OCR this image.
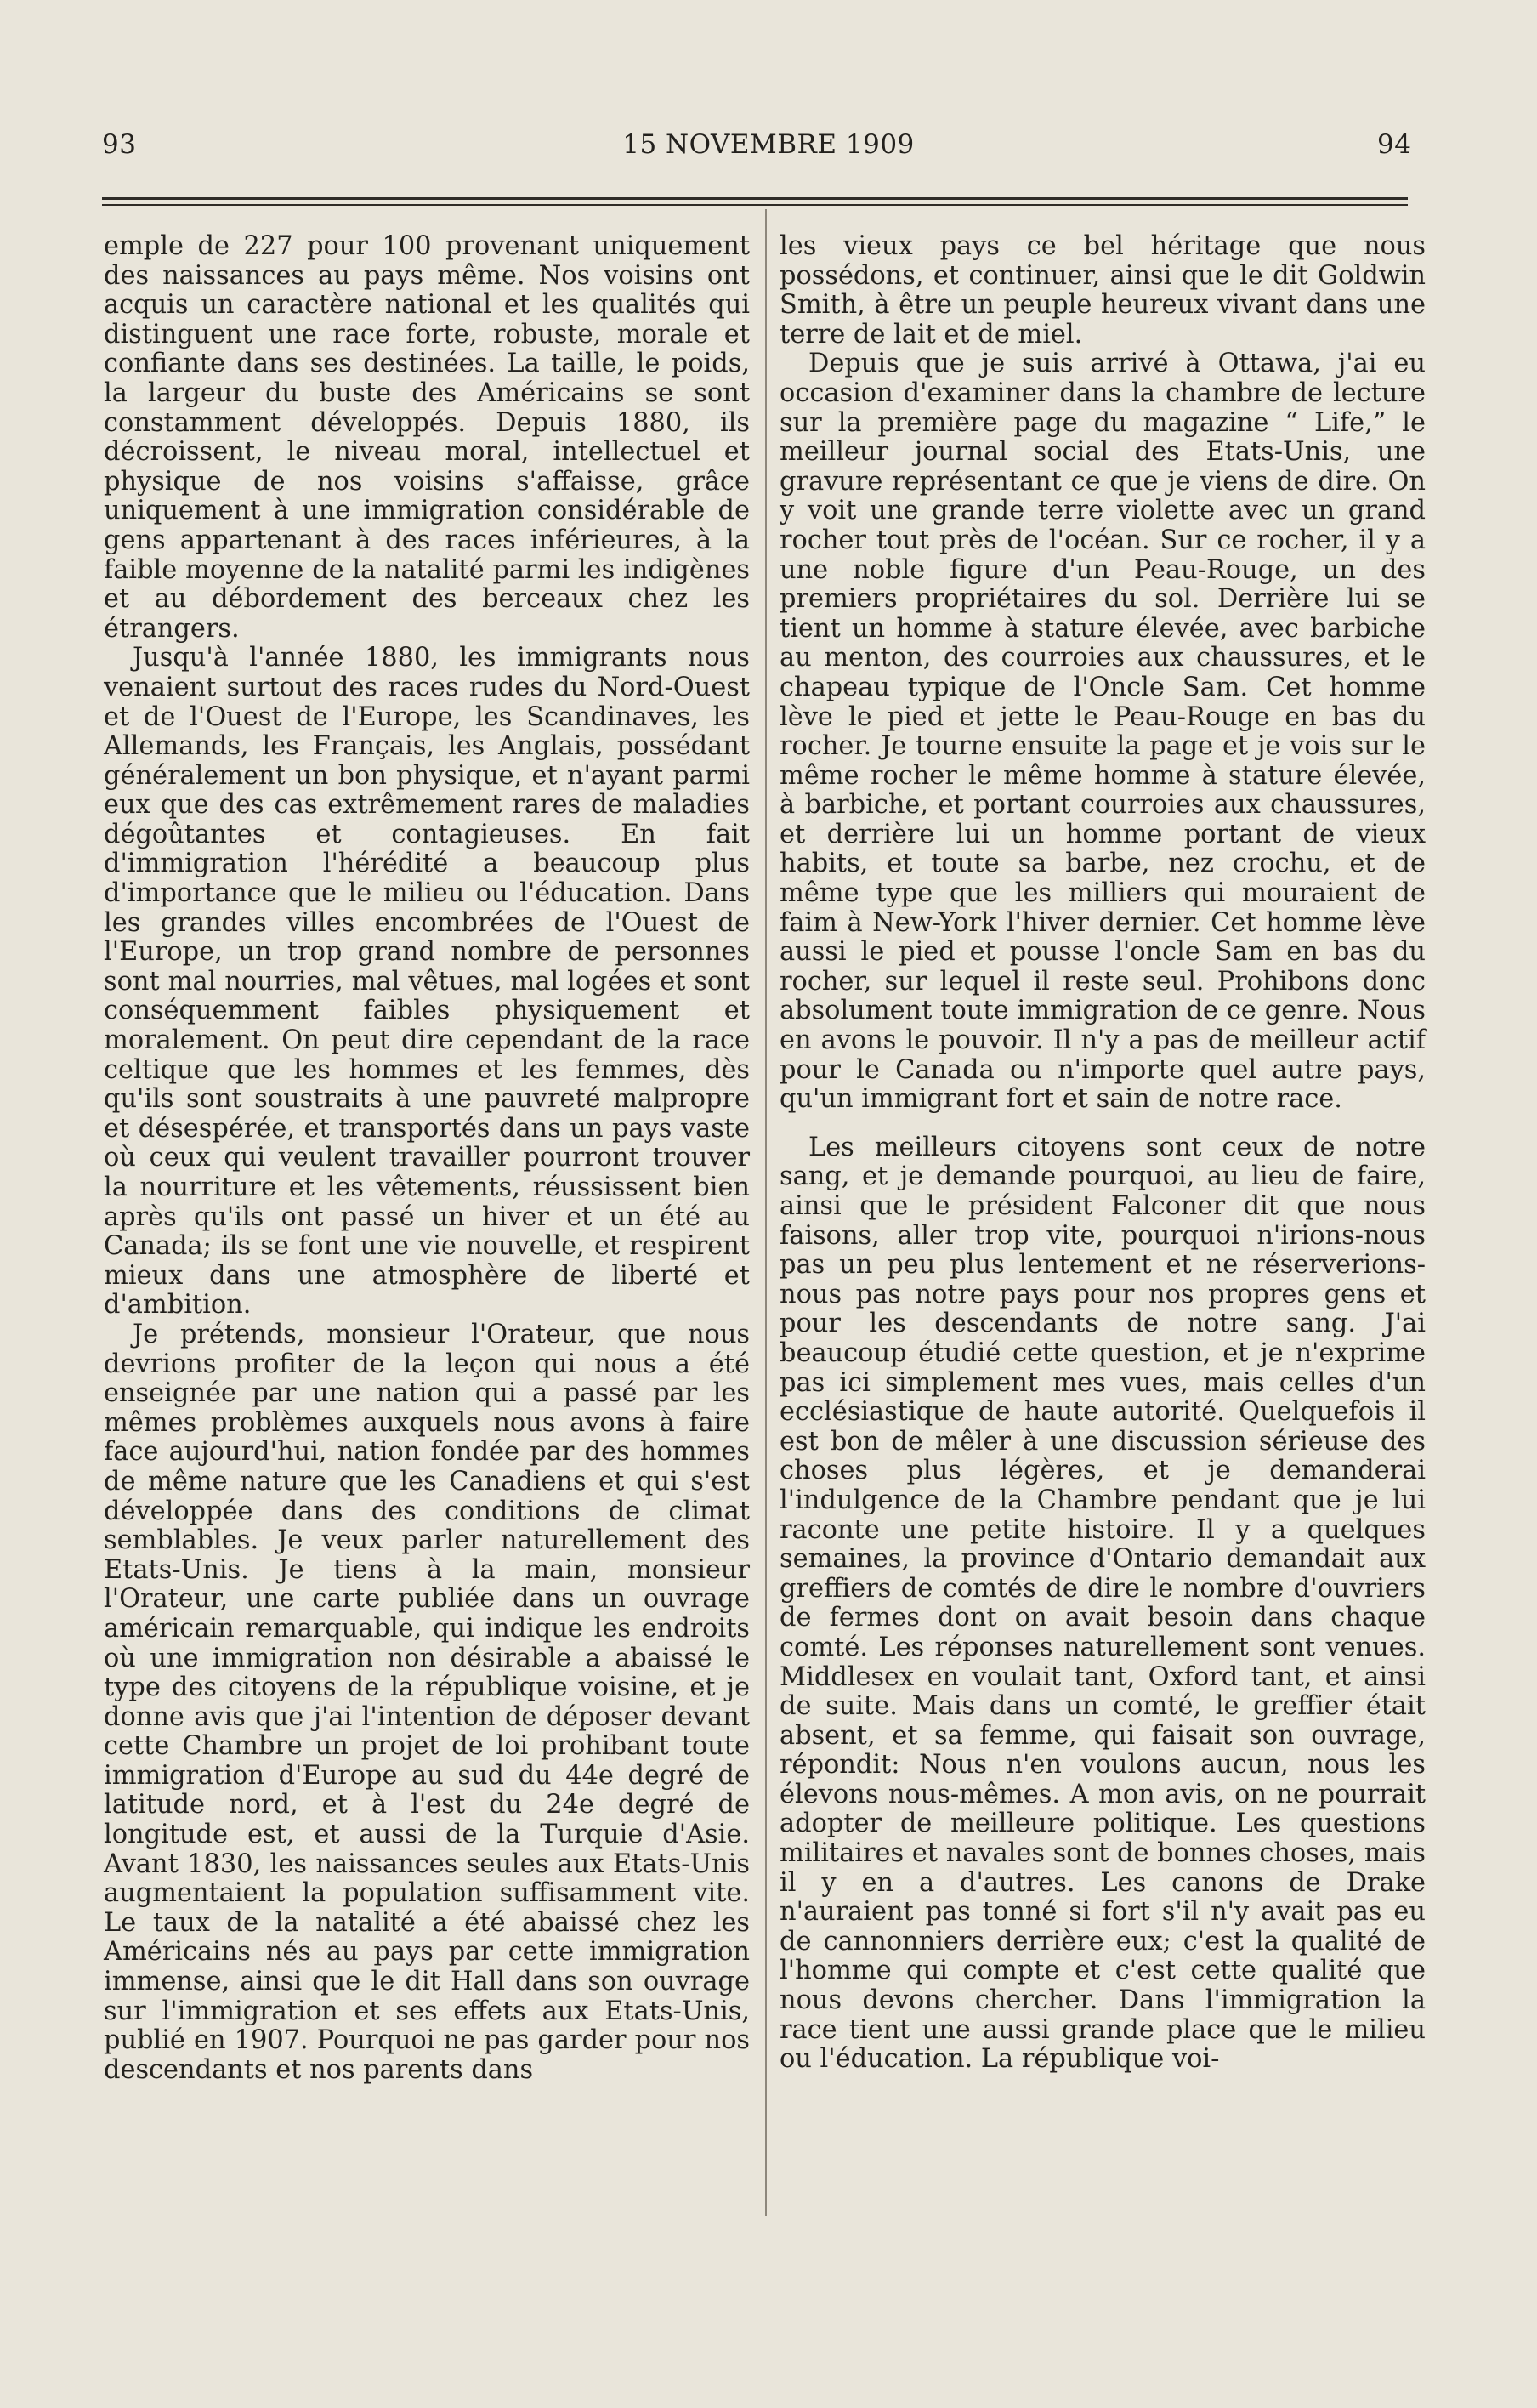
93	15 NOVEMBRE 1909	94

emple de 227 pour 100 provenant uniquement des naissances au pays même. Nos voisins ont acquis un caractère national et les qualités qui distinguent une race forte, robuste, morale et confiante dans ses destinées. La taille, le poids, la largeur du buste des Américains se sont constamment développés. Depuis 1880, ils décroissent, le niveau moral, intellectuel et physique de nos voisins s'affaisse, grâce uniquement à une immigration considérable de gens appartenant à des races inférieures, à la faible moyenne de la natalité parmi les indigènes et au débordement des berceaux chez les étrangers.

Jusqu'à l'année 1880, les immigrants nous venaient surtout des races rudes du Nord-Ouest et de l'Ouest de l'Europe, les Scandinaves, les Allemands, les Français, les Anglais, possédant généralement un bon physique, et n'ayant parmi eux que des cas extrêmement rares de maladies dégoûtantes et contagieuses. En fait d'immigration l'hérédité a beaucoup plus d'importance que le milieu ou l'éducation. Dans les grandes villes encombrées de l'Ouest de l'Europe, un trop grand nombre de personnes sont mal nourries, mal vêtues, mal logées et sont conséquemment faibles physiquement et moralement. On peut dire cependant de la race celtique que les hommes et les femmes, dès qu'ils sont soustraits à une pauvreté malpropre et désespérée, et transportés dans un pays vaste où ceux qui veulent travailler pourront trouver la nourriture et les vêtements, réussissent bien après qu'ils ont passé un hiver et un été au Canada; ils se font une vie nouvelle, et respirent mieux dans une atmosphère de liberté et d'ambition.

Je prétends, monsieur l'Orateur, que nous devrions profiter de la leçon qui nous a été enseignée par une nation qui a passé par les mêmes problèmes auxquels nous avons à faire face aujourd'hui, nation fondée par des hommes de même nature que les Canadiens et qui s'est développée dans des conditions de climat semblables. Je veux parler naturellement des Etats-Unis. Je tiens à la main, monsieur l'Orateur, une carte publiée dans un ouvrage américain remarquable, qui indique les endroits où une immigration non désirable a abaissé le type des citoyens de la république voisine, et je donne avis que j'ai l'intention de déposer devant cette Chambre un projet de loi prohibant toute immigration d'Europe au sud du 44e degré de latitude nord, et à l'est du 24e degré de longitude est, et aussi de la Turquie d'Asie. Avant 1830, les naissances seules aux Etats-Unis augmentaient la population suffisamment vite. Le taux de la natalité a été abaissé chez les Américains nés au pays par cette immigration immense, ainsi que le dit Hall dans son ouvrage sur l'immigration et ses effets aux Etats-Unis, publié en 1907. Pourquoi ne pas garder pour nos descendants et nos parents dans

les vieux pays ce bel héritage que nous possédons, et continuer, ainsi que le dit Goldwin Smith, à être un peuple heureux vivant dans une terre de lait et de miel.

Depuis que je suis arrivé à Ottawa, j'ai eu occasion d'examiner dans la chambre de lecture sur la première page du magazine “ Life,” le meilleur journal social des Etats-Unis, une gravure représentant ce que je viens de dire. On y voit une grande terre violette avec un grand rocher tout près de l'océan. Sur ce rocher, il y a une noble figure d'un Peau-Rouge, un des premiers propriétaires du sol. Derrière lui se tient un homme à stature élevée, avec barbiche au menton, des courroies aux chaussures, et le chapeau typique de l'Oncle Sam. Cet homme lève le pied et jette le Peau-Rouge en bas du rocher. Je tourne ensuite la page et je vois sur le même rocher le même homme à stature élevée, à barbiche, et portant courroies aux chaussures, et derrière lui un homme portant de vieux habits, et toute sa barbe, nez crochu, et de même type que les milliers qui mouraient de faim à New-York l'hiver dernier. Cet homme lève aussi le pied et pousse l'oncle Sam en bas du rocher, sur lequel il reste seul. Prohibons donc absolument toute immigration de ce genre. Nous en avons le pouvoir. Il n'y a pas de meilleur actif pour le Canada ou n'importe quel autre pays, qu'un immigrant fort et sain de notre race.

Les meilleurs citoyens sont ceux de notre sang, et je demande pourquoi, au lieu de faire, ainsi que le président Falconer dit que nous faisons, aller trop vite, pourquoi n'irions-nous pas un peu plus lentement et ne réserverions-nous pas notre pays pour nos propres gens et pour les descendants de notre sang. J'ai beaucoup étudié cette question, et je n'exprime pas ici simplement mes vues, mais celles d'un ecclésiastique de haute autorité. Quelquefois il est bon de mêler à une discussion sérieuse des choses plus légères, et je demanderai l'indulgence de la Chambre pendant que je lui raconte une petite histoire. Il y a quelques semaines, la province d'Ontario demandait aux greffiers de comtés de dire le nombre d'ouvriers de fermes dont on avait besoin dans chaque comté. Les réponses naturellement sont venues. Middlesex en voulait tant, Oxford tant, et ainsi de suite. Mais dans un comté, le greffier était absent, et sa femme, qui faisait son ouvrage, répondit: Nous n'en voulons aucun, nous les élevons nous-mêmes. A mon avis, on ne pourrait adopter de meilleure politique. Les questions militaires et navales sont de bonnes choses, mais il y en a d'autres. Les canons de Drake n'auraient pas tonné si fort s'il n'y avait pas eu de cannonniers derrière eux; c'est la qualité de l'homme qui compte et c'est cette qualité que nous devons chercher. Dans l'immigration la race tient une aussi grande place que le milieu ou l'éducation. La république voi-
